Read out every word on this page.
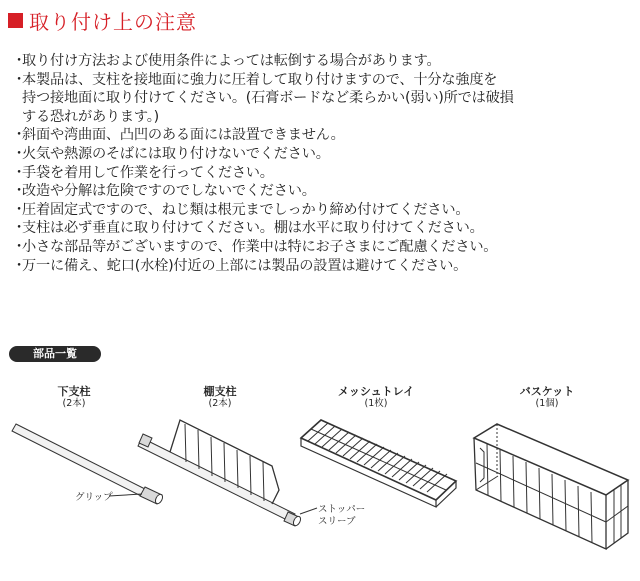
取り付け上の注意
・取り付け方法および使用条件によっては転倒する場合があります。
・本製品は、支柱を接地面に強力に圧着して取り付けますので、十分な強度を
持つ接地面に取り付けてください。(石膏ボードなど柔らかい(弱い)所では破損
する恐れがあります。)
・斜面や湾曲面、凸凹のある面には設置できません。
・火気や熱源のそばには取り付けないでください。
・手袋を着用して作業を行ってください。
・改造や分解は危険ですのでしないでください。
・圧着固定式ですので、ねじ類は根元までしっかり締め付けてください。
・支柱は必ず垂直に取り付けてください。棚は水平に取り付けてください。
・小さな部品等がございますので、作業中は特にお子さまにご配慮ください。
・万一に備え、蛇口(水栓)付近の上部には製品の設置は避けてください。
部品一覧
下支柱
(2本)
棚支柱
(2本)
メッシュトレイ
(1枚)
バスケット
(1個)
グリップ
ストッパー
スリーブ
